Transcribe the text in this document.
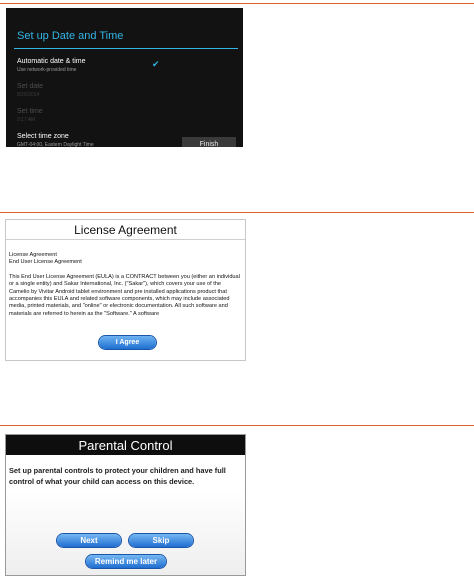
Set up Date and Time
Automatic date & time
Use network-provided time
✔
Set date
8/26/2014
Set time
9:17 AM
Select time zone
GMT-04:00, Eastern Daylight Time	Finish
License Agreement

License Agreement
End User License Agreement

This End User License Agreement (EULA) is a CONTRACT between you (either an individual or a single entity) and Sakar International, Inc. ("Sakar"), which covers your use of the Camelio by Vivitar Android tablet environment and pre installed applications product that accompanies this EULA and related software components, which may include associated media, printed materials, and "online" or electronic documentation. All such software and materials are referred to herein as the "Software." A software

I Agree
Parental Control
Set up parental controls to protect your children and have full control of what your child can access on this device.
Next	Skip
Remind me later
